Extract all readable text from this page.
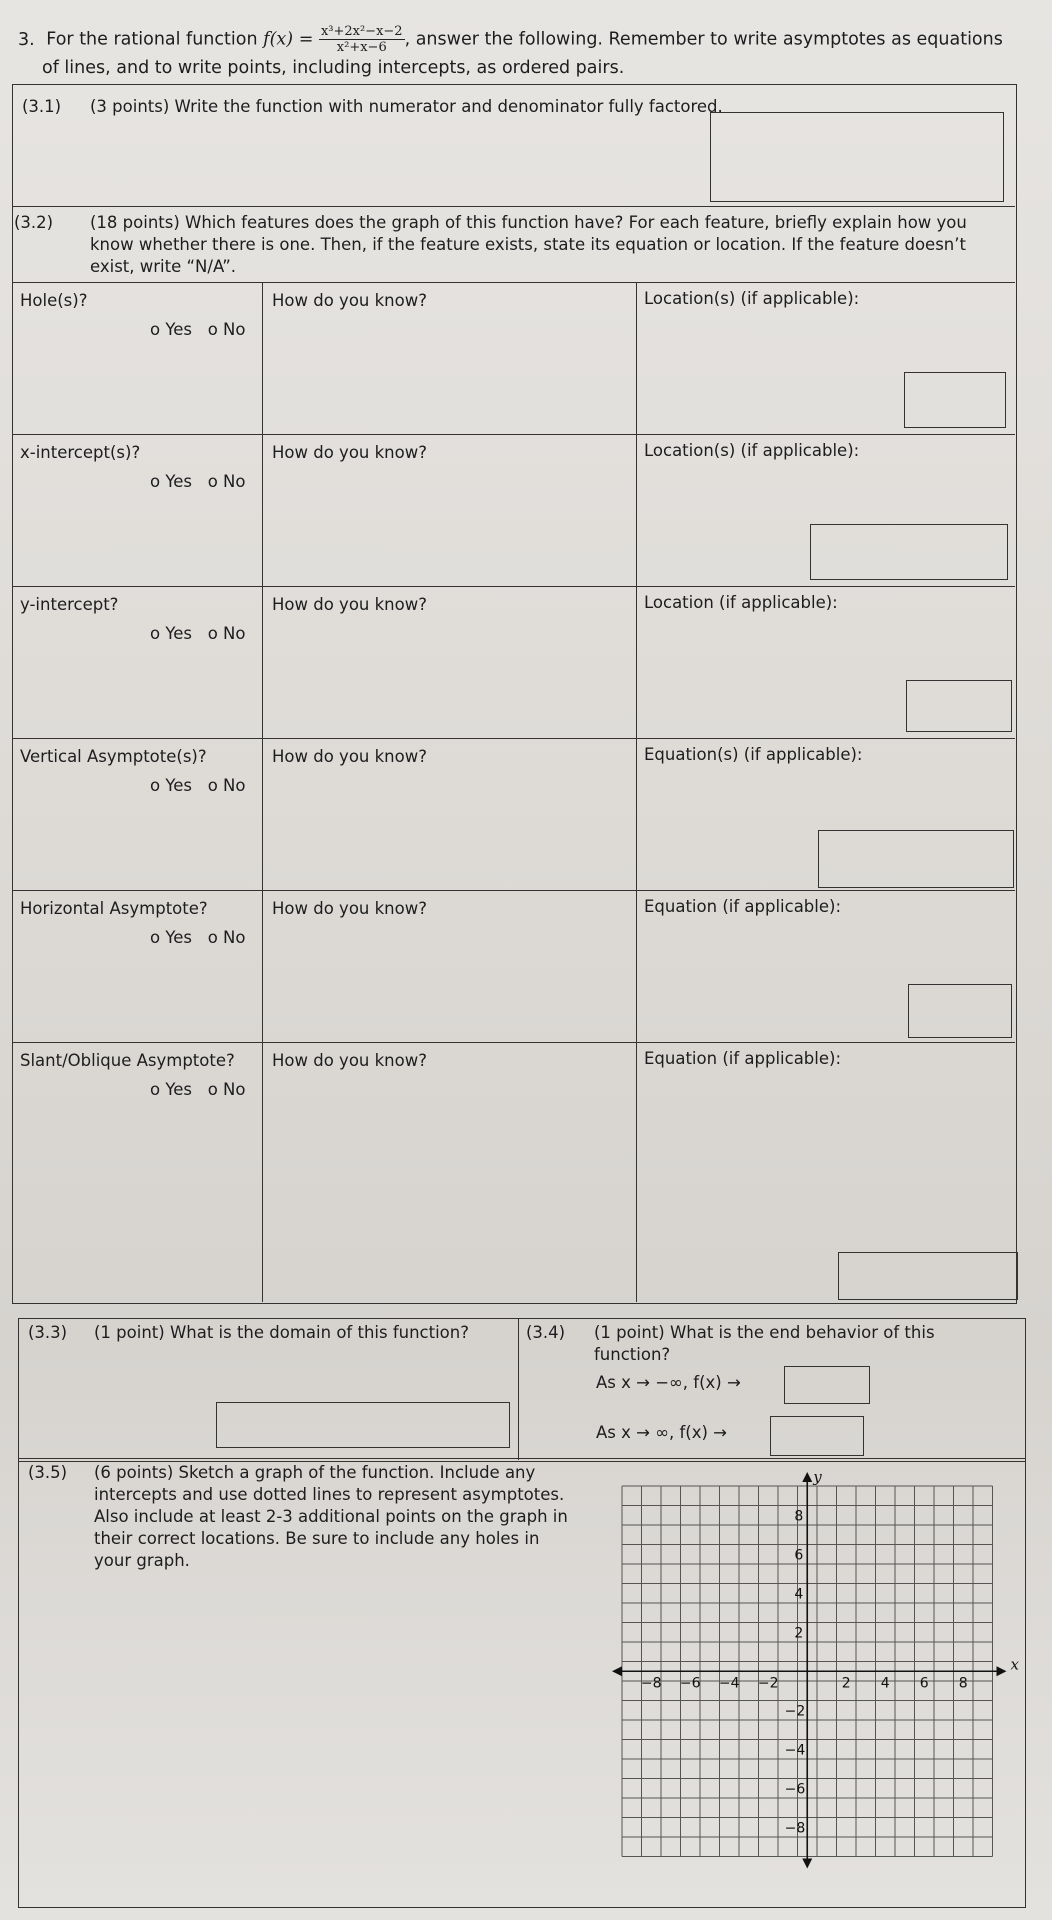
3. For the rational function $f(x) = \frac{\text{x³+2x²−x−2}}{\text{x²+x−6}}$ , answer the following. Remember to write asymptotes as equations
of lines, and to write points, including intercepts, as ordered pairs.
(3.1) (3 points) Write the function with numerator and denominator fully factored.
(3.2) (18 points) Which features does the graph of this function have? For each feature, briefly explain how you
know whether there is one. Then, if the feature exists, state its equation or location. If the feature doesn’t
exist, write “N/A”.
Hole(s)?
o Yes   o No
How do you know?	Location(s) (if applicable):
x-intercept(s)?
o Yes   o No
How do you know?	Location(s) (if applicable):
y-intercept?
o Yes   o No
How do you know?	Location (if applicable):
Vertical Asymptote(s)?
o Yes   o No
How do you know?	Equation(s) (if applicable):
Horizontal Asymptote?
o Yes   o No
How do you know?	Equation (if applicable):
Slant/Oblique Asymptote?
o Yes   o No
How do you know?	Equation (if applicable):
(3.3) (1 point) What is the domain of this function?	(3.4) (1 point) What is the end behavior of this
function?
As x → −∞, f(x) →
As x → ∞, f(x) →
(3.5) (6 points) Sketch a graph of the function. Include any
intercepts and use dotted lines to represent asymptotes.
Also include at least 2-3 additional points on the graph in
their correct locations. Be sure to include any holes in
your graph.
x
y
−8 −6 −4 −2	2 4 6 8
8
6
4
2
−2
−4
−6
−8
